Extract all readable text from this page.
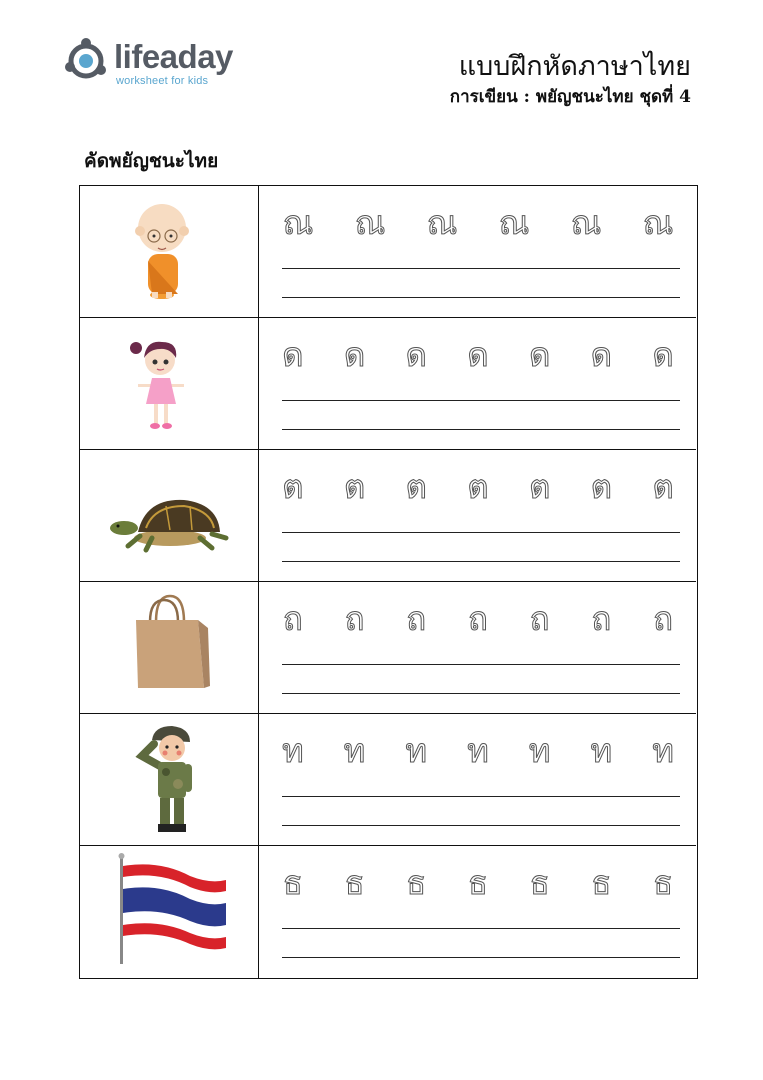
lifeaday
worksheet for kids	แบบฝึกหัดภาษาไทย
การเขียน : พยัญชนะไทย ชุดที่ 4
คัดพยัญชนะไทย
ณ ณ ณ ณ ณ ณ
ด ด ด ด ด ด ด
ต ต ต ต ต ต ต
ถ ถ ถ ถ ถ ถ ถ
ท ท ท ท ท ท ท
ธ ธ ธ ธ ธ ธ ธ
